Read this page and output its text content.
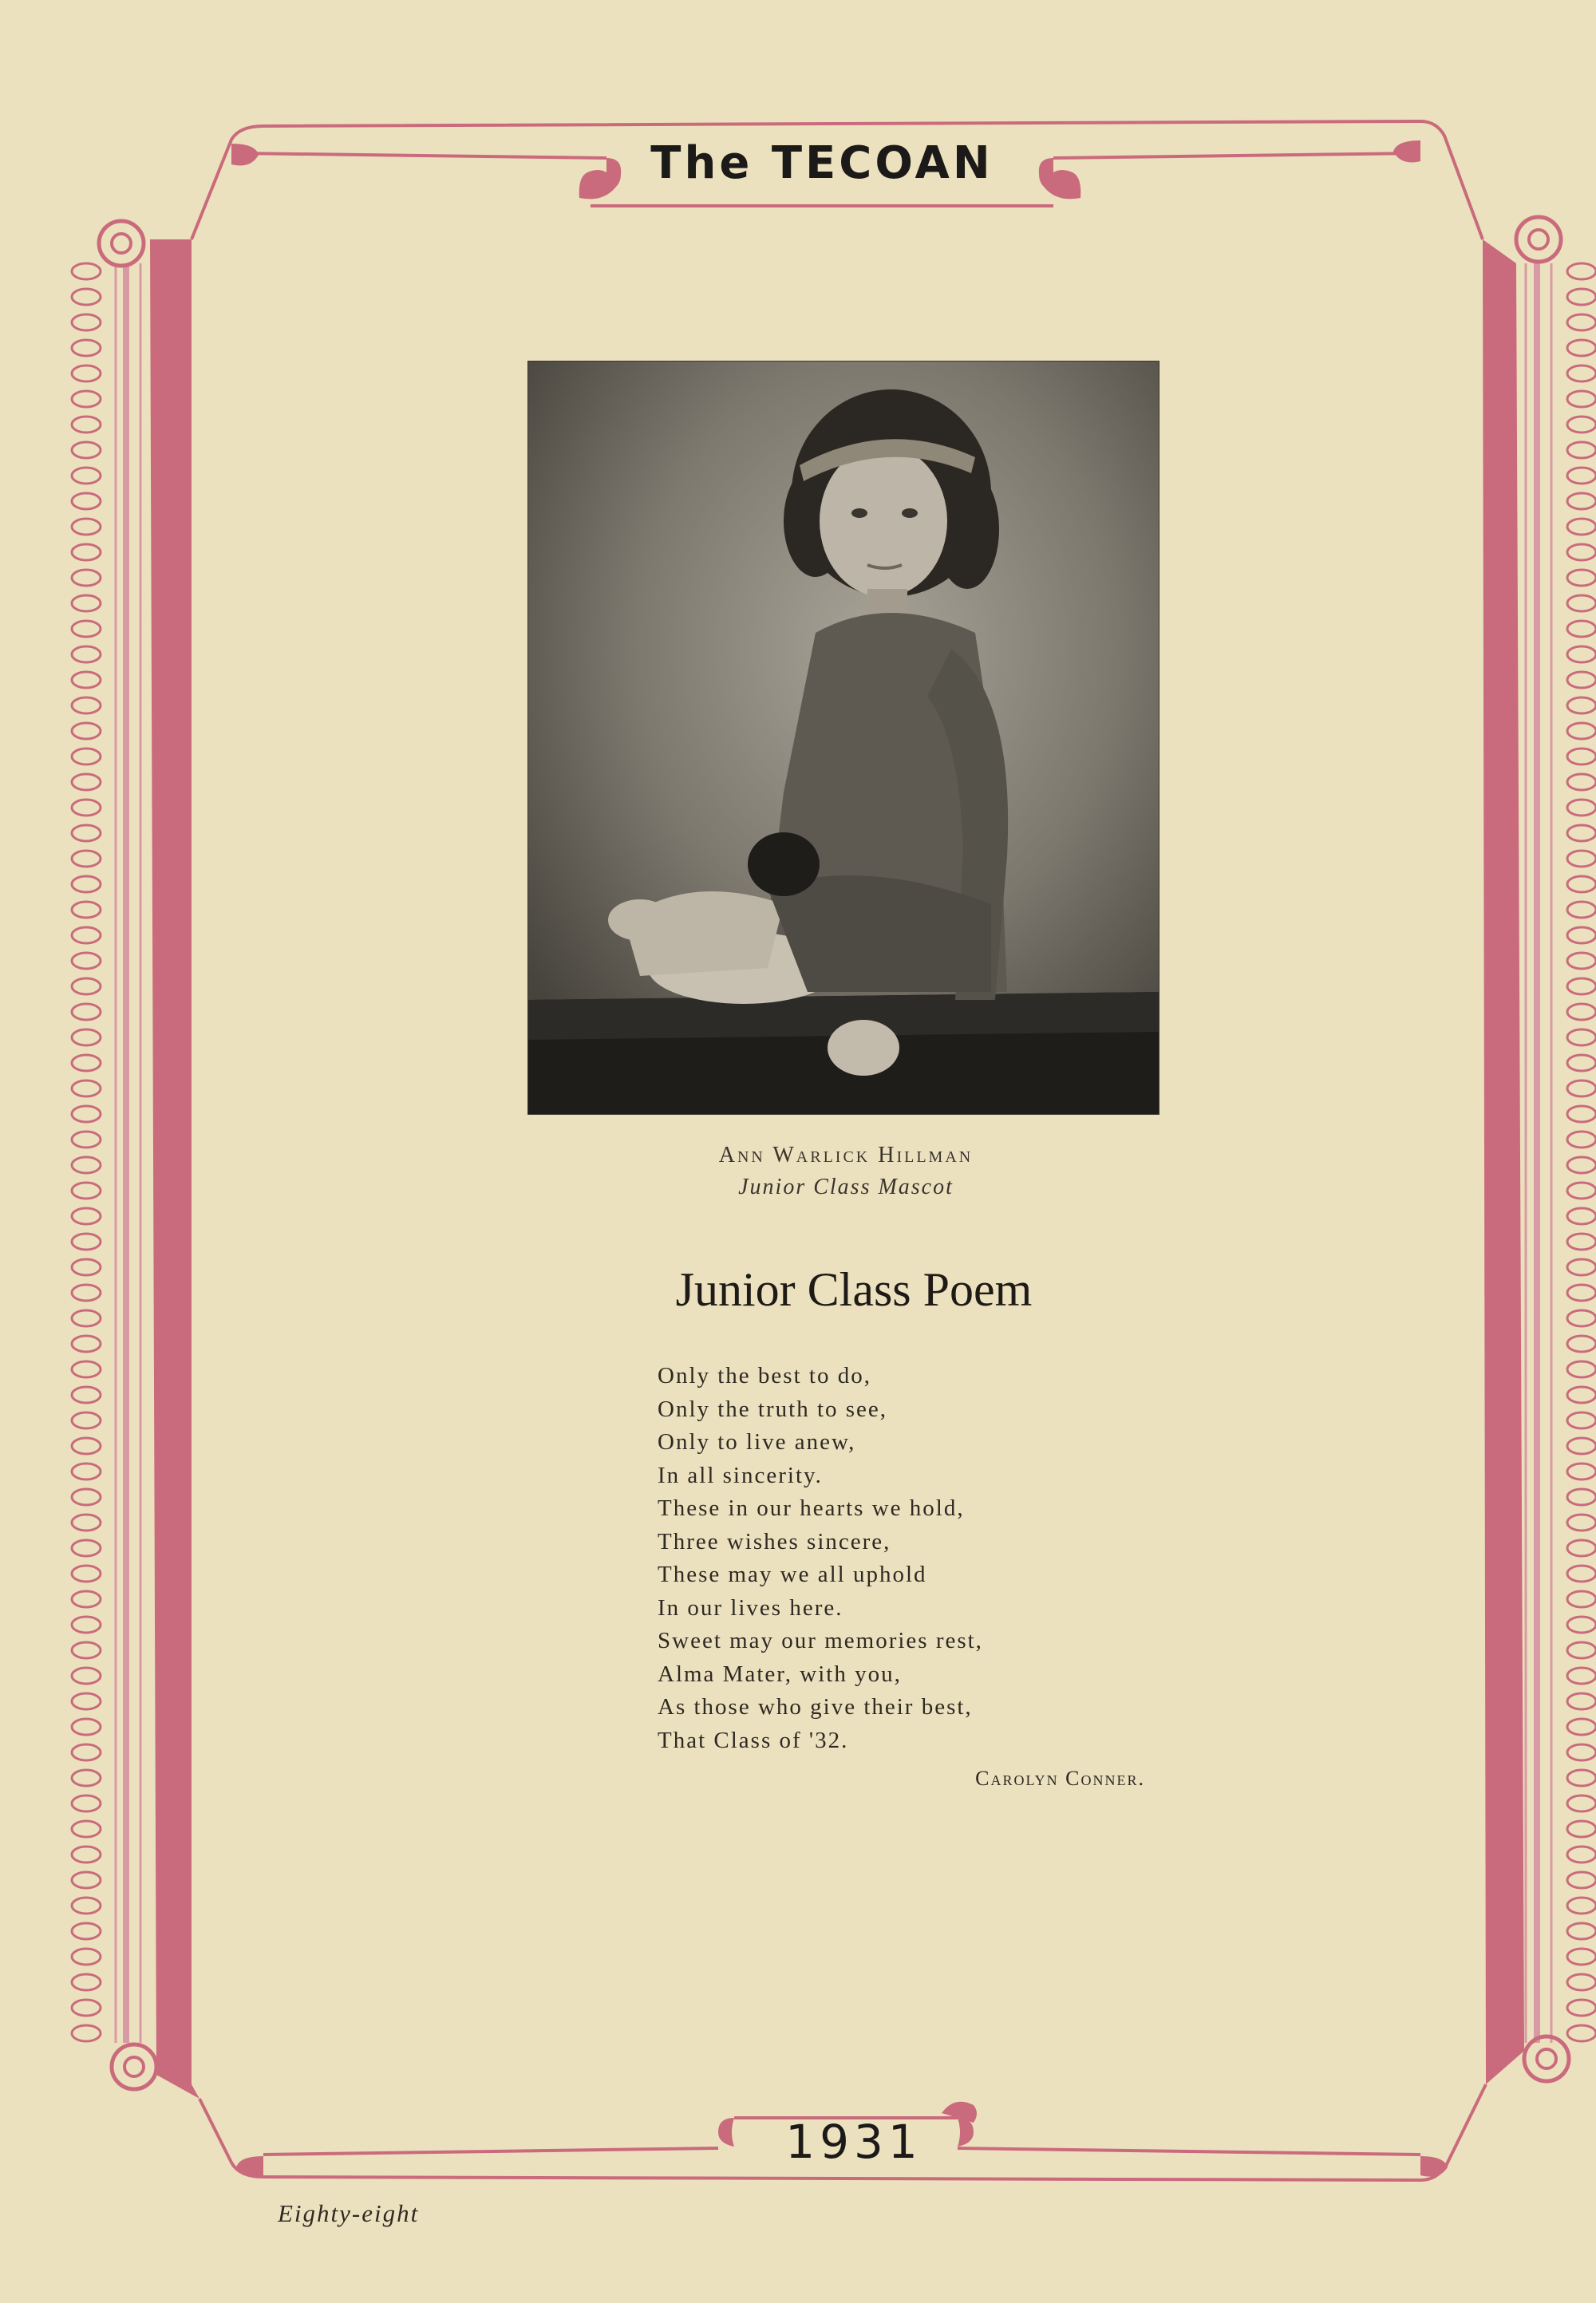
The TECOAN
Ann Warlick Hillman
Junior Class Mascot
Junior Class Poem
Only the best to do,
Only the truth to see,
Only to live anew,
In all sincerity.
These in our hearts we hold,
Three wishes sincere,
These may we all uphold
In our lives here.
Sweet may our memories rest,
Alma Mater, with you,
As those who give their best,
That Class of '32.
Carolyn Conner.
1931
Eighty-eight
